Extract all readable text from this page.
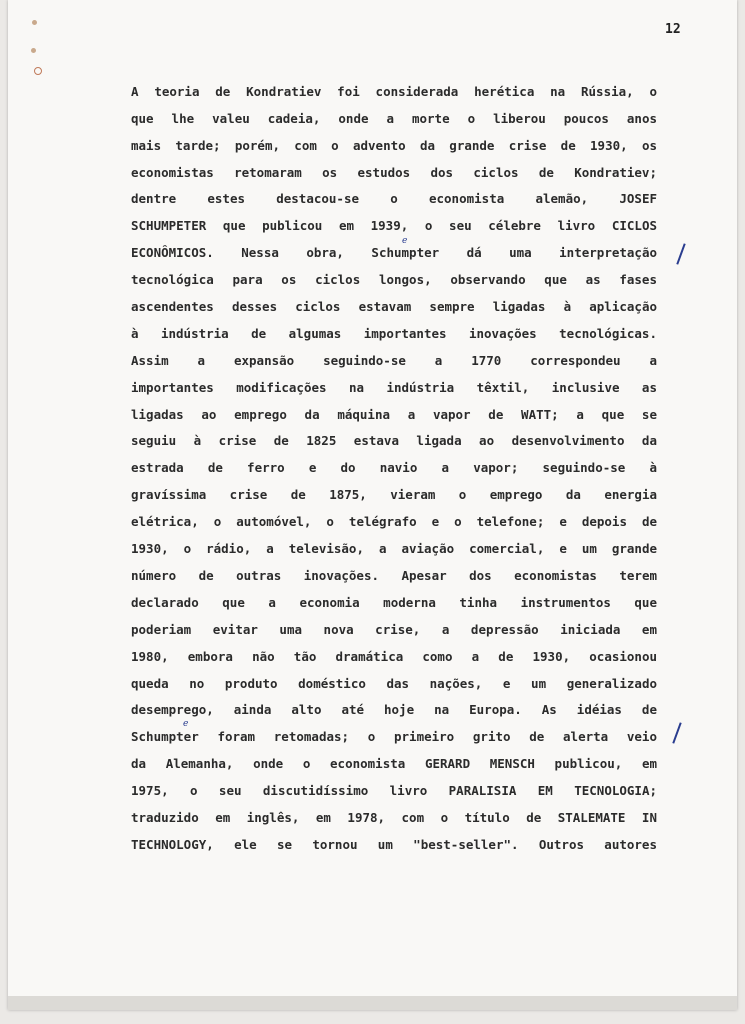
12
A teoria de Kondratiev foi considerada herética na Rússia, o
que lhe valeu cadeia, onde a morte o liberou poucos anos
mais tarde; porém, com o advento da grande crise de 1930, os
economistas retomaram os estudos dos ciclos de Kondratiev;
dentre estes destacou-se o economista alemão, JOSEF
SCHUMPETER que publicou em 1939, o seu célebre livro CICLOS
ECONÔMICOS. Nessa obra, Schumpter dá uma interpretação
tecnológica para os ciclos longos, observando que as fases
ascendentes desses ciclos estavam sempre ligadas à aplicação
à indústria de algumas importantes inovações tecnológicas.
Assim a expansão seguindo-se a 1770 correspondeu a
importantes modificações na indústria têxtil, inclusive as
ligadas ao emprego da máquina a vapor de WATT; a que se
seguiu à crise de 1825 estava ligada ao desenvolvimento da
estrada de ferro e do navio a vapor; seguindo-se à
gravíssima crise de 1875, vieram o emprego da energia
elétrica, o automóvel, o telégrafo e o telefone; e depois de
1930, o rádio, a televisão, a aviação comercial, e um grande
número de outras inovações. Apesar dos economistas terem
declarado que a economia moderna tinha instrumentos que
poderiam evitar uma nova crise, a depressão iniciada em
1980, embora não tão dramática como a de 1930, ocasionou
queda no produto doméstico das nações, e um generalizado
desemprego, ainda alto até hoje na Europa. As idéias de
Schumpter foram retomadas; o primeiro grito de alerta veio
da Alemanha, onde o economista GERARD MENSCH publicou, em
1975, o seu discutidíssimo livro PARALISIA EM TECNOLOGIA;
traduzido em inglês, em 1978, com o título de STALEMATE IN
TECHNOLOGY, ele se tornou um "best-seller". Outros autores
e
e
